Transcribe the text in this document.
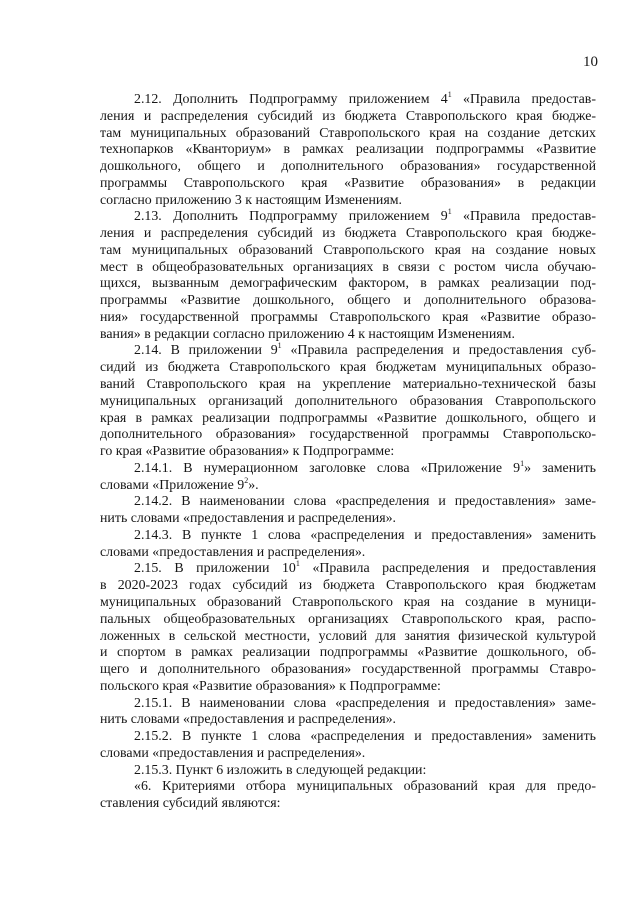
10
2.12. Дополнить Подпрограмму приложением $4^1$ «Правила предостав-
ления и распределения субсидий из бюджета Ставропольского края бюдже-
там муниципальных образований Ставропольского края на создание детских
технопарков «Кванториум» в рамках реализации подпрограммы «Развитие
дошкольного, общего и дополнительного образования» государственной
программы Ставропольского края «Развитие образования» в редакции
согласно приложению 3 к настоящим Изменениям.
2.13. Дополнить Подпрограмму приложением $9^1$ «Правила предостав-
ления и распределения субсидий из бюджета Ставропольского края бюдже-
там муниципальных образований Ставропольского края на создание новых
мест в общеобразовательных организациях в связи с ростом числа обучаю-
щихся, вызванным демографическим фактором, в рамках реализации под-
программы «Развитие дошкольного, общего и дополнительного образова-
ния» государственной программы Ставропольского края «Развитие образо-
вания» в редакции согласно приложению 4 к настоящим Изменениям.
2.14. В приложении $9^1$ «Правила распределения и предоставления суб-
сидий из бюджета Ставропольского края бюджетам муниципальных образо-
ваний Ставропольского края на укрепление материально-технической базы
муниципальных организаций дополнительного образования Ставропольского
края в рамках реализации подпрограммы «Развитие дошкольного, общего и
дополнительного образования» государственной программы Ставропольско-
го края «Развитие образования» к Подпрограмме:
2.14.1. В нумерационном заголовке слова «Приложение $9^1$» заменить
словами «Приложение $9^2$».
2.14.2. В наименовании слова «распределения и предоставления» заме-
нить словами «предоставления и распределения».
2.14.3. В пункте 1 слова «распределения и предоставления» заменить
словами «предоставления и распределения».
2.15. В приложении $10^1$ «Правила распределения и предоставления
в 2020-2023 годах субсидий из бюджета Ставропольского края бюджетам
муниципальных образований Ставропольского края на создание в муници-
пальных общеобразовательных организациях Ставропольского края, распо-
ложенных в сельской местности, условий для занятия физической культурой
и спортом в рамках реализации подпрограммы «Развитие дошкольного, об-
щего и дополнительного образования» государственной программы Ставро-
польского края «Развитие образования» к Подпрограмме:
2.15.1. В наименовании слова «распределения и предоставления» заме-
нить словами «предоставления и распределения».
2.15.2. В пункте 1 слова «распределения и предоставления» заменить
словами «предоставления и распределения».
2.15.3. Пункт 6 изложить в следующей редакции:
«6. Критериями отбора муниципальных образований края для предо-
ставления субсидий являются:
